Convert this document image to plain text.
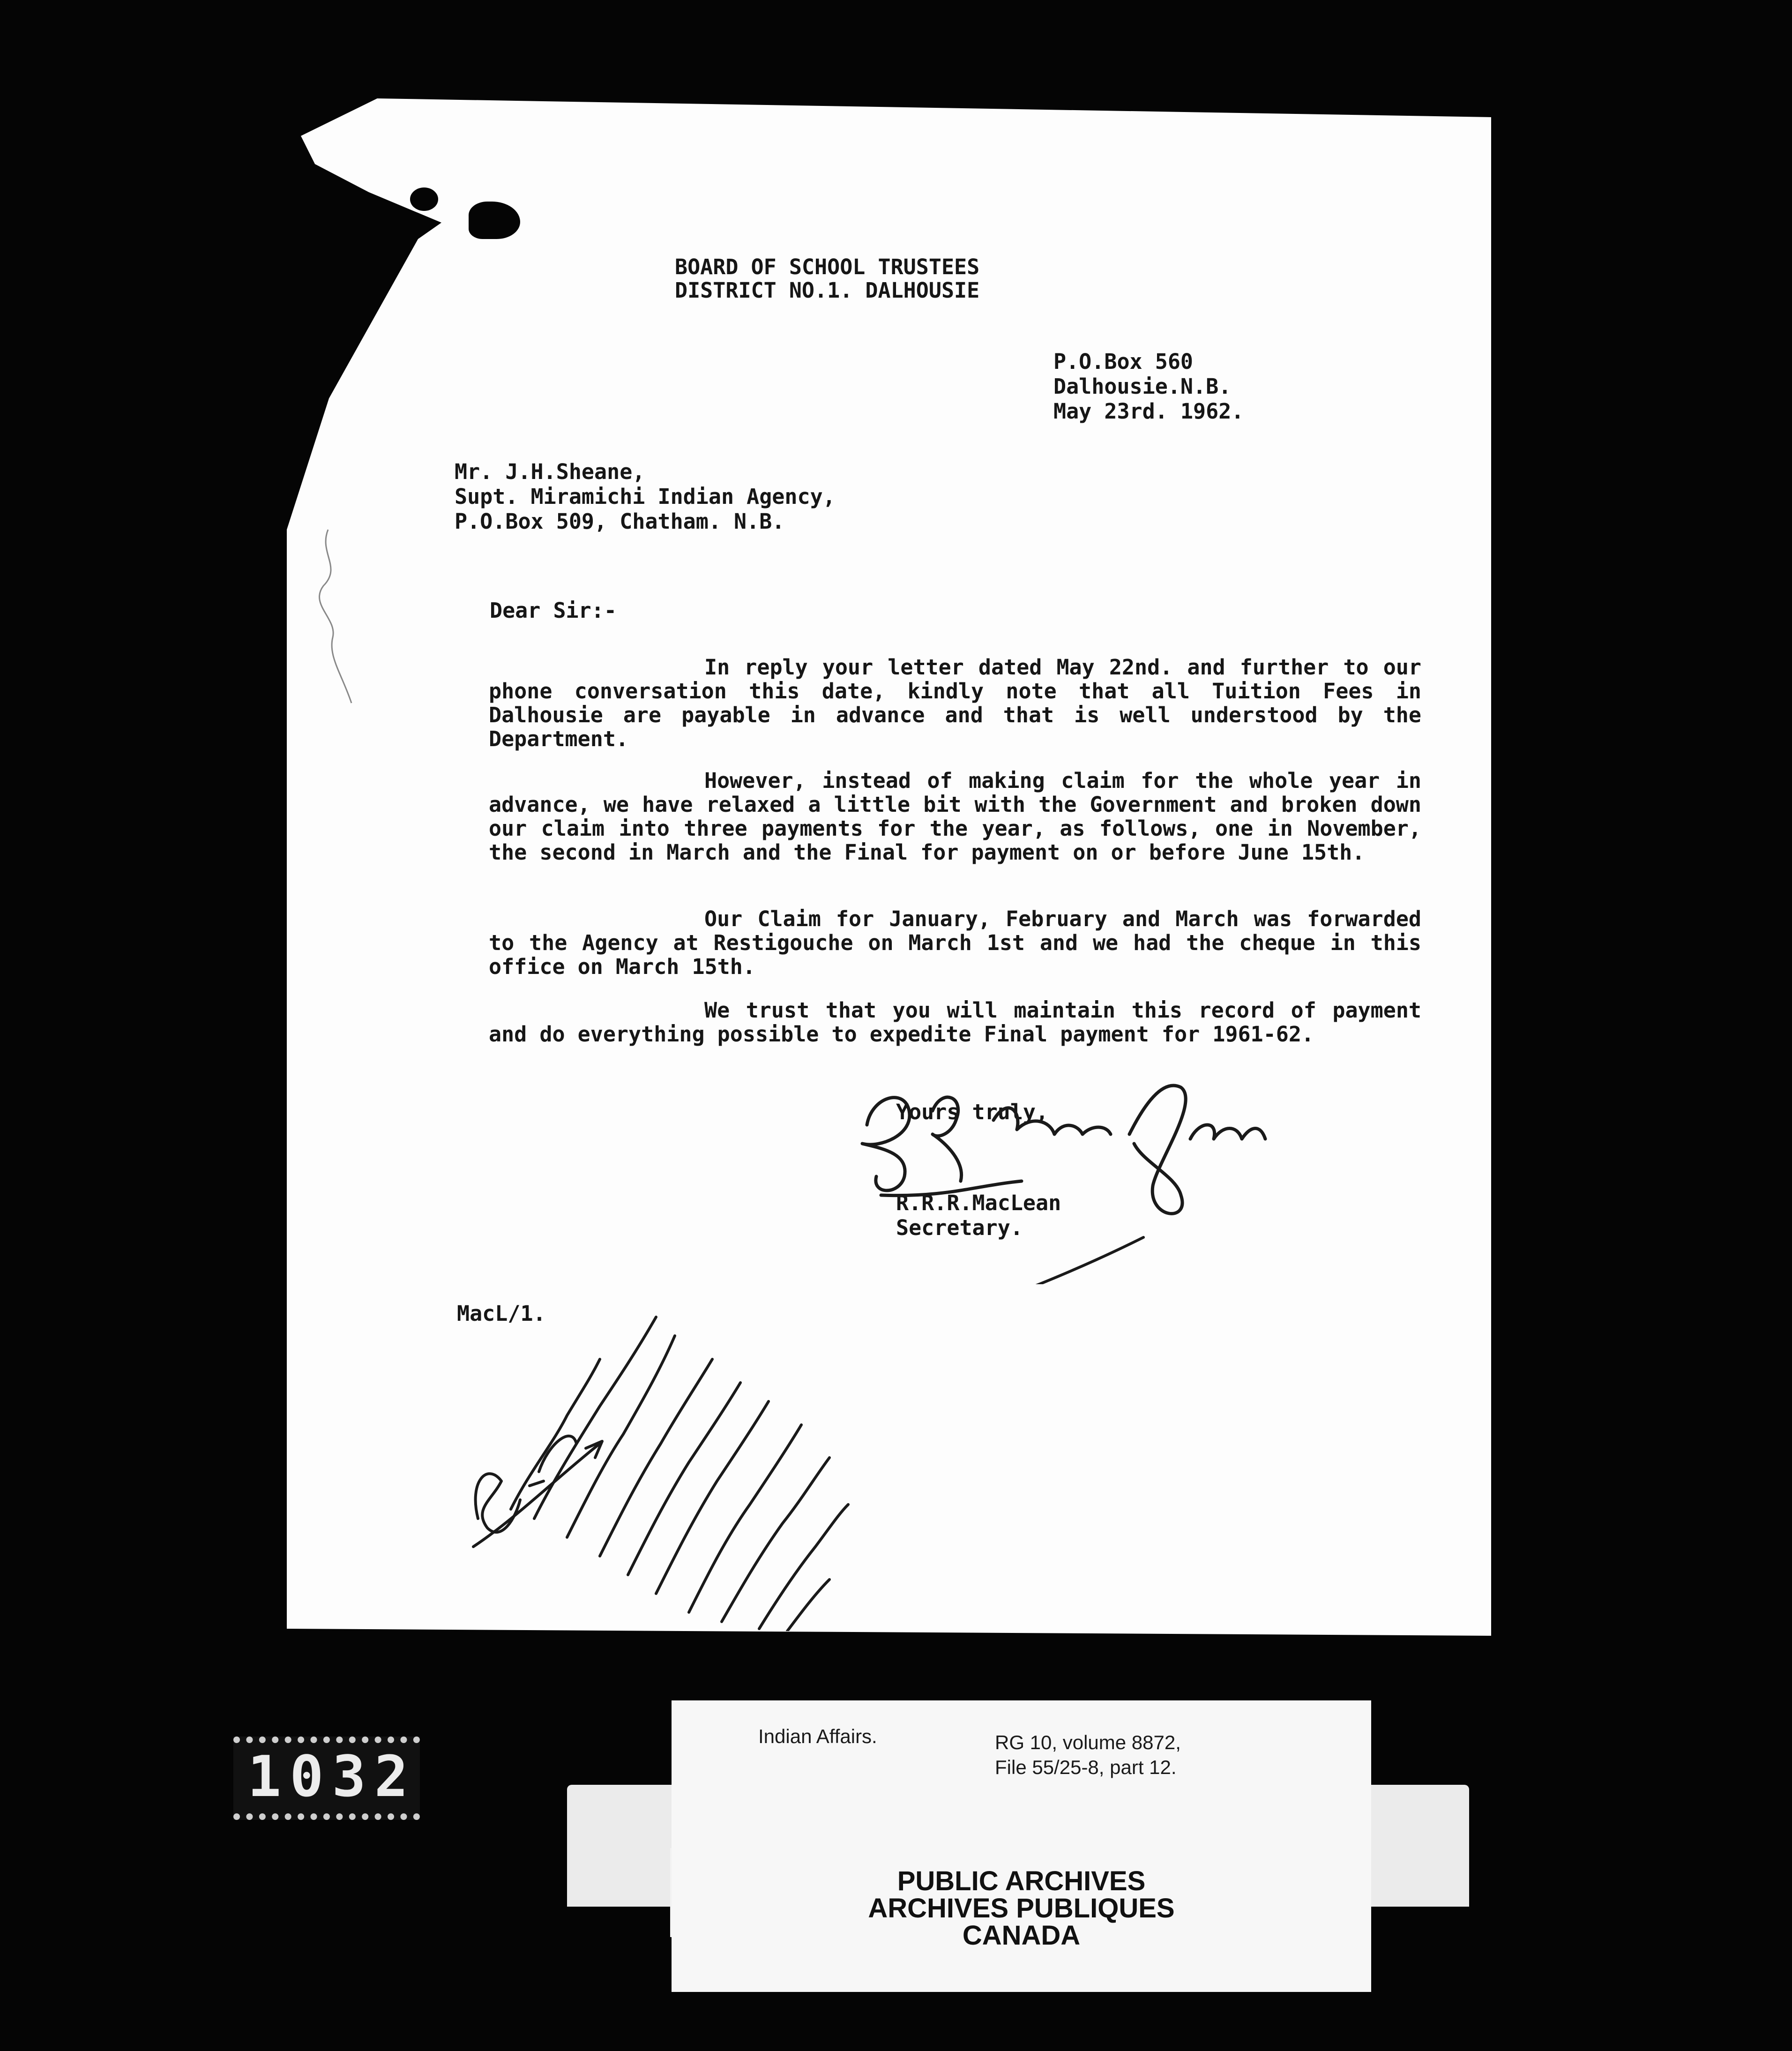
BOARD OF SCHOOL TRUSTEES
DISTRICT NO.1. DALHOUSIE
P.O.Box 560
Dalhousie.N.B.
May 23rd. 1962.
Mr. J.H.Sheane,
Supt. Miramichi Indian Agency,
P.O.Box 509, Chatham. N.B.
Dear Sir:-

In reply your letter dated May 22nd. and further to our phone conversation this date, kindly note that all Tuition Fees in Dalhousie are payable in advance and that is well understood by the Department.

However, instead of making claim for the whole year in advance, we have relaxed a little bit with the Government and broken down our claim into three payments for the year, as follows, one in November, the second in March and the Final for payment on or before June 15th.

Our Claim for January, February and March was forwarded to the Agency at Restigouche on March 1st and we had the cheque in this office on March 15th.

We trust that you will maintain this record of payment and do everything possible to expedite Final payment for 1961-62.

Yours truly,
R.R.R.MacLean
Secretary.
MacL/1.

Indian Affairs.	RG 10, volume 8872,

File 55/25-8, part 12.

PUBLIC ARCHIVES
ARCHIVES PUBLIQUES
CANADA
1032
